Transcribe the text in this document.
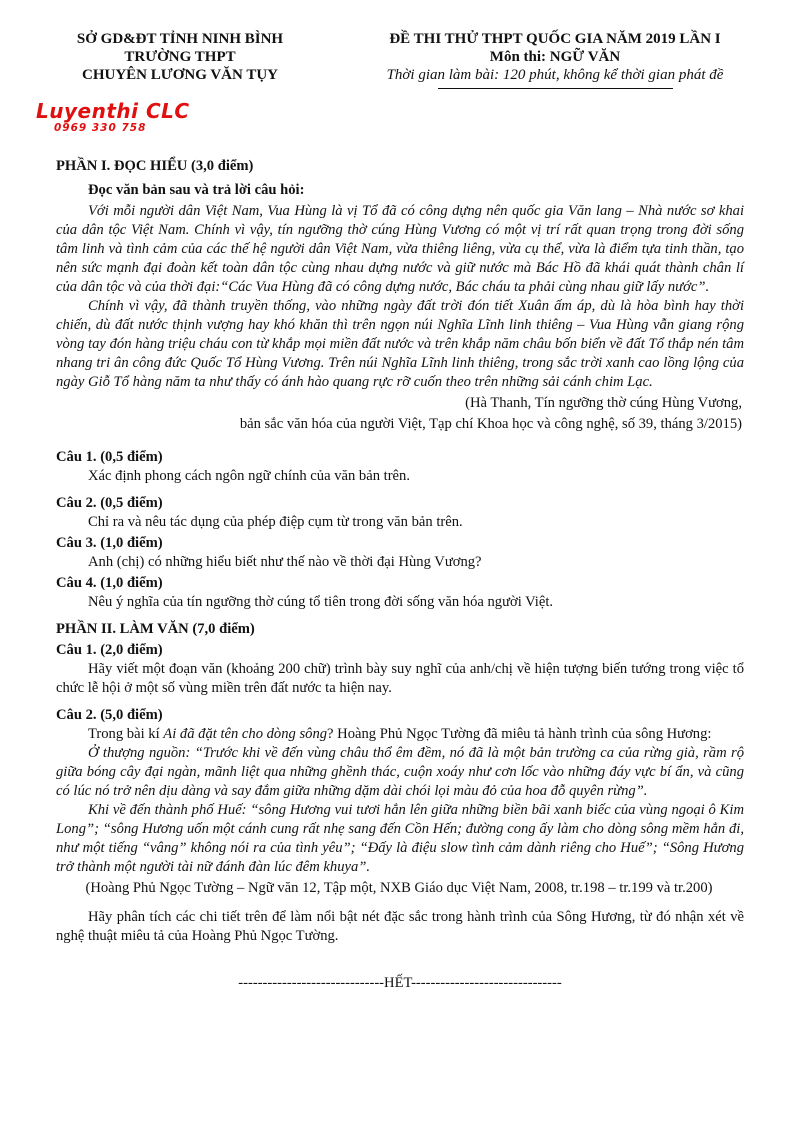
SỞ GD&ĐT TỈNH NINH BÌNH
TRƯỜNG THPT
CHUYÊN LƯƠNG VĂN TỤY
ĐỀ THI THỬ THPT QUỐC GIA NĂM 2019 LẦN I
Môn thi: NGỮ VĂN
Thời gian làm bài: 120 phút, không kể thời gian phát đề
Luyenthi CLC
0969 330 758

PHẦN I. ĐỌC HIỂU (3,0 điểm)

Đọc văn bản sau và trả lời câu hỏi:

Với mỗi người dân Việt Nam, Vua Hùng là vị Tổ đã có công dựng nên quốc gia Văn lang – Nhà nước sơ khai của dân tộc Việt Nam. Chính vì vậy, tín ngưỡng thờ cúng Hùng Vương có một vị trí rất quan trọng trong đời sống tâm linh và tình cảm của các thế hệ người dân Việt Nam, vừa thiêng liêng, vừa cụ thể, vừa là điểm tựa tinh thần, tạo nên sức mạnh đại đoàn kết toàn dân tộc cùng nhau dựng nước và giữ nước mà Bác Hồ đã khái quát thành chân lí của dân tộc và của thời đại:“Các Vua Hùng đã có công dựng nước, Bác cháu ta phải cùng nhau giữ lấy nước”.

Chính vì vậy, đã thành truyền thống, vào những ngày đất trời đón tiết Xuân ấm áp, dù là hòa bình hay thời chiến, dù đất nước thịnh vượng hay khó khăn thì trên ngọn núi Nghĩa Lĩnh linh thiêng – Vua Hùng vẫn giang rộng vòng tay đón hàng triệu cháu con từ khắp mọi miền đất nước và trên khắp năm châu bốn biển về đất Tổ thắp nén tâm nhang tri ân công đức Quốc Tổ Hùng Vương. Trên núi Nghĩa Lĩnh linh thiêng, trong sắc trời xanh cao lồng lộng của ngày Giỗ Tổ hàng năm ta như thấy có ánh hào quang rực rỡ cuốn theo trên những sải cánh chim Lạc.

(Hà Thanh, Tín ngưỡng thờ cúng Hùng Vương,

bản sắc văn hóa của người Việt, Tạp chí Khoa học và công nghệ, số 39, tháng 3/2015)

Câu 1. (0,5 điểm)

Xác định phong cách ngôn ngữ chính của văn bản trên.

Câu 2. (0,5 điểm)

Chỉ ra và nêu tác dụng của phép điệp cụm từ trong văn bản trên.

Câu 3. (1,0 điểm)

Anh (chị) có những hiểu biết như thế nào về thời đại Hùng Vương?

Câu 4. (1,0 điểm)

Nêu ý nghĩa của tín ngưỡng thờ cúng tổ tiên trong đời sống văn hóa người Việt.

PHẦN II. LÀM VĂN (7,0 điểm)

Câu 1. (2,0 điểm)

Hãy viết một đoạn văn (khoảng 200 chữ) trình bày suy nghĩ của anh/chị về hiện tượng biến tướng trong việc tổ chức lễ hội ở một số vùng miền trên đất nước ta hiện nay.

Câu 2. (5,0 điểm)

Trong bài kí Ai đã đặt tên cho dòng sông? Hoàng Phủ Ngọc Tường đã miêu tả hành trình của sông Hương:

Ở thượng nguồn: “Trước khi về đến vùng châu thổ êm đềm, nó đã là một bản trường ca của rừng già, rầm rộ giữa bóng cây đại ngàn, mãnh liệt qua những ghềnh thác, cuộn xoáy như cơn lốc vào những đáy vực bí ẩn, và cũng có lúc nó trở nên dịu dàng và say đắm giữa những dặm dài chói lọi màu đỏ của hoa đỗ quyên rừng”.

Khi về đến thành phố Huế: “sông Hương vui tươi hẳn lên giữa những biền bãi xanh biếc của vùng ngoại ô Kim Long”; “sông Hương uốn một cánh cung rất nhẹ sang đến Cồn Hến; đường cong ấy làm cho dòng sông mềm hẳn đi, như một tiếng “vâng” không nói ra của tình yêu”; “Đấy là điệu slow tình cảm dành riêng cho Huế”; “Sông Hương trở thành một người tài nữ đánh đàn lúc đêm khuya”.

(Hoàng Phủ Ngọc Tường – Ngữ văn 12, Tập một, NXB Giáo dục Việt Nam, 2008, tr.198 – tr.199 và tr.200)

Hãy phân tích các chi tiết trên để làm nổi bật nét đặc sắc trong hành trình của Sông Hương, từ đó nhận xét về nghệ thuật miêu tả của Hoàng Phủ Ngọc Tường.

------------------------------HẾT-------------------------------
